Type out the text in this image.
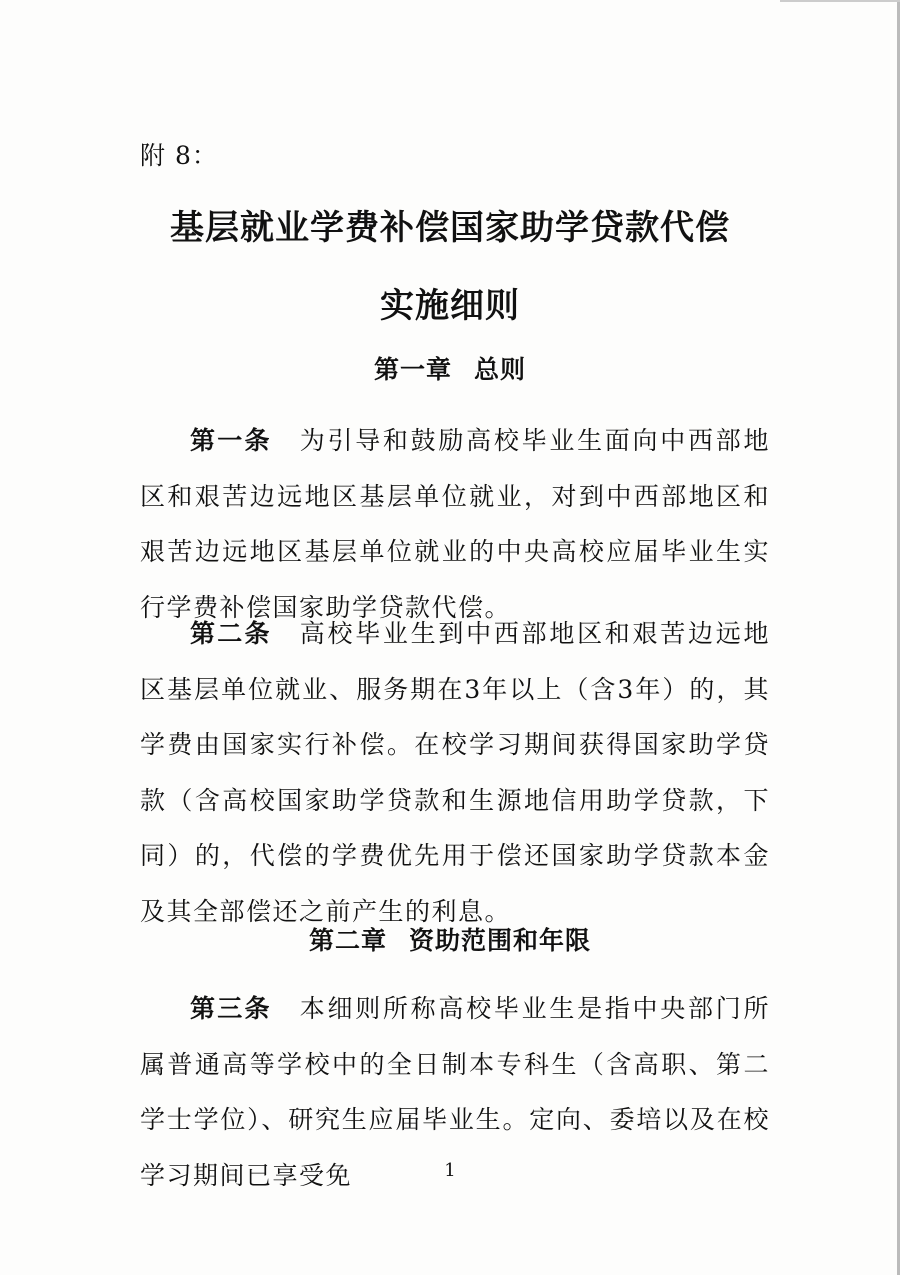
附 8：
基层就业学费补偿国家助学贷款代偿
实施细则
第一章 总则
第一条 为引导和鼓励高校毕业生面向中西部地区和艰苦边远地区基层单位就业，对到中西部地区和艰苦边远地区基层单位就业的中央高校应届毕业生实行学费补偿国家助学贷款代偿。
第二条 高校毕业生到中西部地区和艰苦边远地区基层单位就业、服务期在3年以上（含3年）的，其学费由国家实行补偿。在校学习期间获得国家助学贷款（含高校国家助学贷款和生源地信用助学贷款，下同）的，代偿的学费优先用于偿还国家助学贷款本金及其全部偿还之前产生的利息。
第二章 资助范围和年限
第三条 本细则所称高校毕业生是指中央部门所属普通高等学校中的全日制本专科生（含高职、第二学士学位）、研究生应届毕业生。定向、委培以及在校学习期间已享受免	1
